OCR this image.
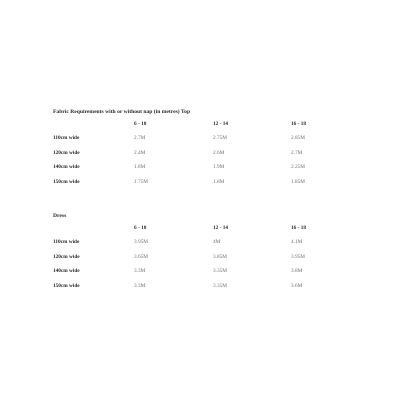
Fabric Requirements with or without nap (in metres) Top
6 - 10	12 - 14	16 - 18
110cm wide	2.7M	2.75M	2.85M
120cm wide	2.4M	2.6M	2.7M
140cm wide	1.8M	1.9M	2.25M
150cm wide	1.75M	1.8M	1.85M
Dress
6 - 10	12 - 14	16 - 18
110cm wide	3.95M	4M	4.1M
120cm wide	3.65M	3.85M	3.95M
140cm wide	3.3M	3.35M	3.8M
150cm wide	3.3M	3.35M	3.6M
